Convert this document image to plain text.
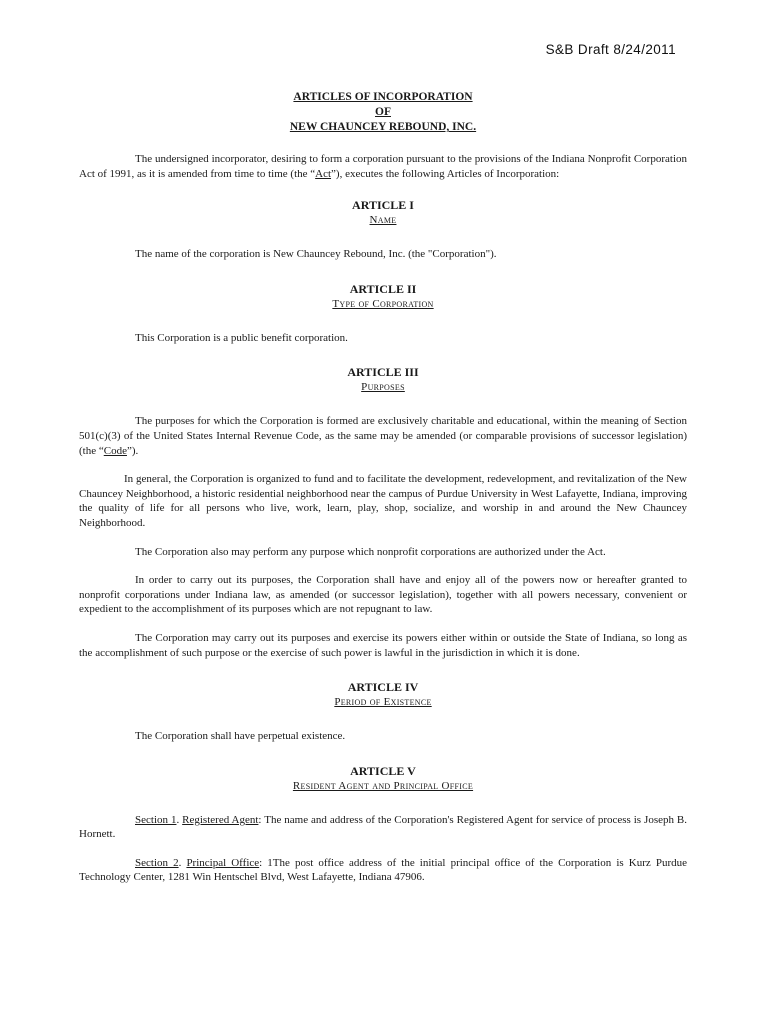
S&B Draft 8/24/2011
ARTICLES OF INCORPORATION
OF
NEW CHAUNCEY REBOUND, INC.

The undersigned incorporator, desiring to form a corporation pursuant to the provisions of the Indiana Nonprofit Corporation Act of 1991, as it is amended from time to time (the “Act”), executes the following Articles of Incorporation:

ARTICLE I
Name

The name of the corporation is New Chauncey Rebound, Inc. (the "Corporation").

ARTICLE II
Type of Corporation

This Corporation is a public benefit corporation.

ARTICLE III
Purposes

The purposes for which the Corporation is formed are exclusively charitable and educational, within the meaning of Section 501(c)(3) of the United States Internal Revenue Code, as the same may be amended (or comparable provisions of successor legislation) (the “Code”).

In general, the Corporation is organized to fund and to facilitate the development, redevelopment, and revitalization of the New Chauncey Neighborhood, a historic residential neighborhood near the campus of Purdue University in West Lafayette, Indiana, improving the quality of life for all persons who live, work, learn, play, shop, socialize, and worship in and around the New Chauncey Neighborhood.

The Corporation also may perform any purpose which nonprofit corporations are authorized under the Act.

In order to carry out its purposes, the Corporation shall have and enjoy all of the powers now or hereafter granted to nonprofit corporations under Indiana law, as amended (or successor legislation), together with all powers necessary, convenient or expedient to the accomplishment of its purposes which are not repugnant to law.

The Corporation may carry out its purposes and exercise its powers either within or outside the State of Indiana, so long as the accomplishment of such purpose or the exercise of such power is lawful in the jurisdiction in which it is done.

ARTICLE IV
Period of Existence

The Corporation shall have perpetual existence.

ARTICLE V
Resident Agent and Principal Office

Section 1. Registered Agent: The name and address of the Corporation's Registered Agent for service of process is Joseph B. Hornett.

Section 2. Principal Office: 1The post office address of the initial principal office of the Corporation is Kurz Purdue Technology Center, 1281 Win Hentschel Blvd, West Lafayette, Indiana 47906.
